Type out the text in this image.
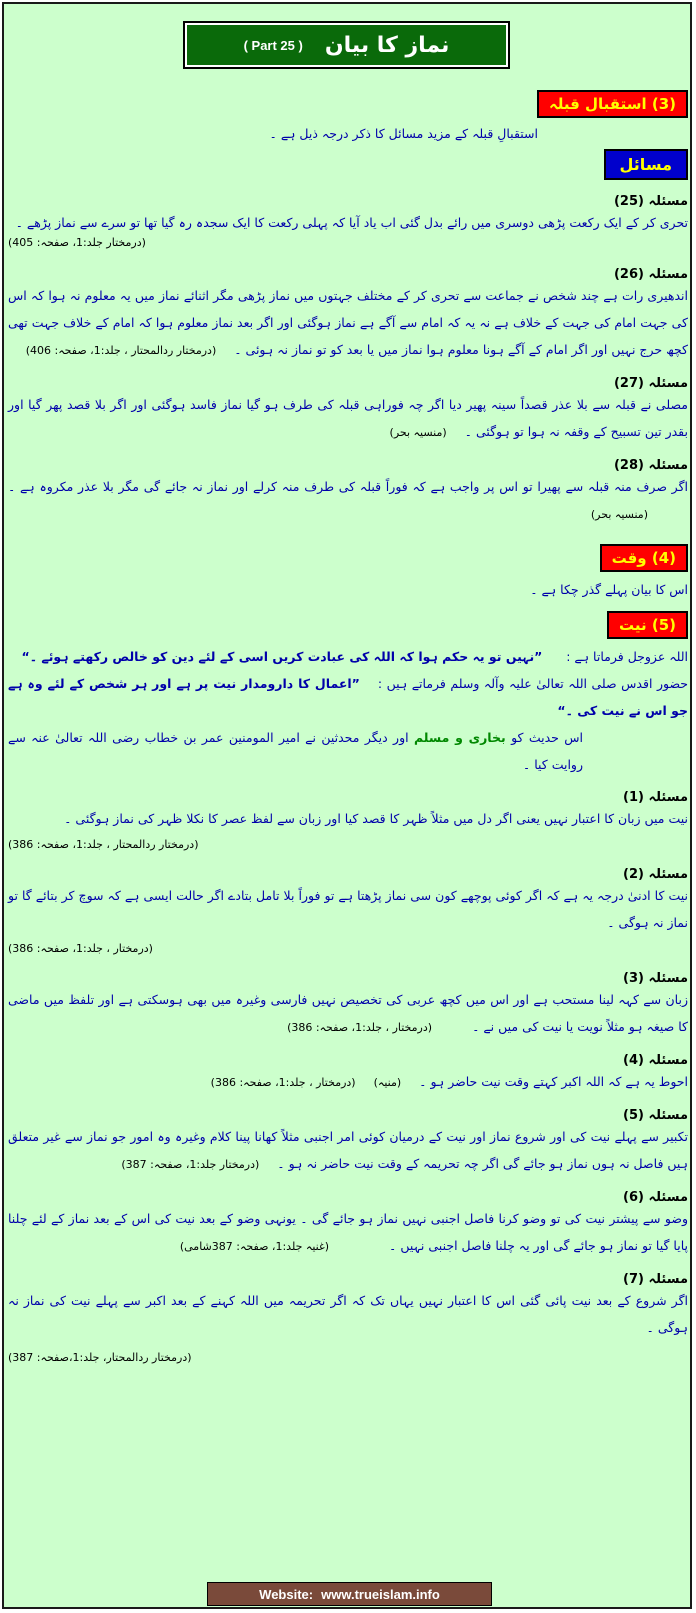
نماز کا بیان
( Part 25 )
(3) استقبال قبلہ
استقبالِ قبلہ کے مزید مسائل کا ذکر درجہ ذیل ہے ۔
مسائل
مسئلہ (25)
تحری کر کے ایک رکعت پڑھی دوسری میں رائے بدل گئی اب یاد آیا کہ پہلی رکعت کا ایک سجدہ رہ گیا تھا تو سرے سے نماز پڑھے ۔
(درمختار جلد:1، صفحہ: 405)
مسئلہ (26)
اندھیری رات ہے چند شخص نے جماعت سے تحری کر کے مختلف جہتوں میں نماز پڑھی مگر اثنائے نماز میں یہ معلوم نہ ہوا کہ اس کی جہت امام کی جہت کے خلاف ہے نہ یہ کہ امام سے آگے ہے نماز ہوگئی اور اگر بعد نماز معلوم ہوا کہ امام کے خلاف جہت تھی کچھ حرج نہیں اور اگر امام کے آگے ہونا معلوم ہوا نماز میں یا بعد کو تو نماز نہ ہوئی ۔(درمختار ردالمحتار ، جلد:1، صفحہ: 406)
مسئلہ (27)
مصلی نے قبلہ سے بلا عذر قصداً سینہ پھیر دیا اگر چہ فوراہی قبلہ کی طرف ہو گیا نماز فاسد ہوگئی اور اگر بلا قصد پھر گیا اور بقدر تین تسبیح کے وقفہ نہ ہوا تو ہوگئی ۔(منسیہ بحر)
مسئلہ (28)
اگر صرف منہ قبلہ سے پھیرا تو اس پر واجب ہے کہ فوراً قبلہ کی طرف منہ کرلے اور نماز نہ جائے گی مگر بلا عذر مکروہ ہے ۔(منسیہ بحر)
(4) وقت
اس کا بیان پہلے گذر چکا ہے ۔
(5) نیت
اللہ عزوجل فرماتا ہے :      ”نہیں تو یہ حکم ہوا کہ اللہ کی عبادت کریں اسی کے لئے دین کو خالص رکھتے ہوئے ۔“
حضور اقدس صلی اللہ تعالیٰ علیہ وآلہ وسلم فرماتے ہیں :    ”اعمال کا دارومدار نیت پر ہے اور ہر شخص کے لئے وہ ہے جو اس نے نیت کی ۔“
اس حدیث کو بخاری و مسلم اور دیگر محدثین نے امیر المومنین عمر بن خطاب رضی اللہ تعالیٰ عنہ سے روایت کیا ۔
مسئلہ (1)
نیت میں زبان کا اعتبار نہیں یعنی اگر دل میں مثلاً ظہر کا قصد کیا اور زبان سے لفظ عصر کا نکلا ظہر کی نماز ہوگئی ۔
(درمختار ردالمحتار ، جلد:1، صفحہ: 386)
مسئلہ (2)
نیت کا ادنیٰ درجہ یہ ہے کہ اگر کوئی پوچھے کون سی نماز پڑھتا ہے تو فوراً بلا تامل بتادے اگر حالت ایسی ہے کہ سوچ کر بتائے گا تو نماز نہ ہوگی ۔
(درمختار ، جلد:1، صفحہ: 386)
مسئلہ (3)
زبان سے کہہ لینا مستحب ہے اور اس میں کچھ عربی کی تخصیص نہیں فارسی وغیرہ میں بھی ہوسکتی ہے اور تلفظ میں ماضی کا صیغہ ہو مثلاً نویت یا نیت کی میں نے ۔(درمختار ، جلد:1، صفحہ: 386)
مسئلہ (4)
احوط یہ ہے کہ اللہ اکبر کہتے وقت نیت حاضر ہو ۔(منیہ)(درمختار ، جلد:1، صفحہ: 386)
مسئلہ (5)
تکبیر سے پہلے نیت کی اور شروع نماز اور نیت کے درمیان کوئی امر اجنبی مثلاً کھانا پینا کلام وغیرہ وہ امور جو نماز سے غیر متعلق ہیں فاصل نہ ہوں نماز ہو جائے گی اگر چہ تحریمہ کے وقت نیت حاضر نہ ہو ۔(درمختار جلد:1، صفحہ: 387)
مسئلہ (6)
وضو سے پیشتر نیت کی تو وضو کرنا فاصل اجنبی نہیں نماز ہو جائے گی ۔ یونہی وضو کے بعد نیت کی اس کے بعد نماز کے لئے چلنا پایا گیا تو نماز ہو جائے گی اور یہ چلنا فاصل اجنبی نہیں ۔(غنیہ جلد:1، صفحہ: 387شامی)
مسئلہ (7)
اگر شروع کے بعد نیت پائی گئی اس کا اعتبار نہیں یہاں تک کہ اگر تحریمہ میں اللہ کہنے کے بعد اکبر سے پہلے نیت کی نماز نہ ہوگی ۔
(درمختار ردالمحتار، جلد:1،صفحہ: 387)
Website: www.trueislam.info
